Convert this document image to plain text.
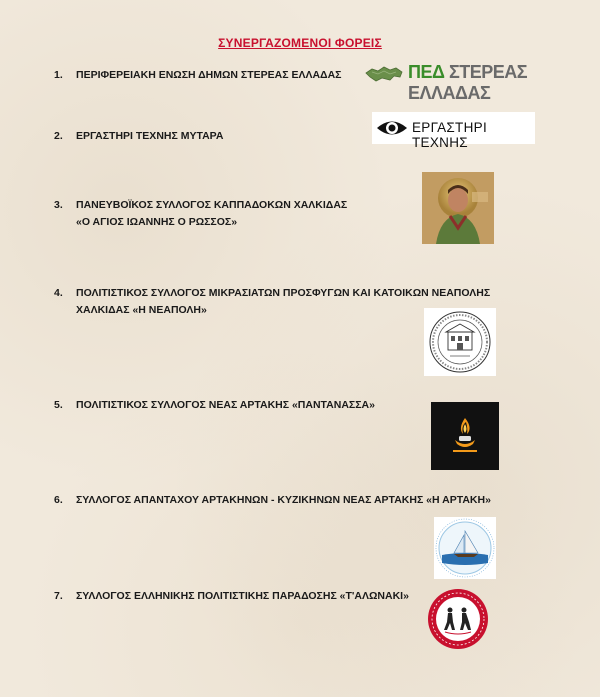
ΣΥΝΕΡΓΑΖΟΜΕΝΟΙ ΦΟΡΕΙΣ
1. ΠΕΡΙΦΕΡΕΙΑΚΗ ΕΝΩΣΗ ΔΗΜΩΝ ΣΤΕΡΕΑΣ ΕΛΛΑΔΑΣ
2. ΕΡΓΑΣΤΗΡΙ ΤΕΧΝΗΣ ΜΥΤΑΡΑ
3. ΠΑΝΕΥΒΟΪΚΟΣ ΣΥΛΛΟΓΟΣ ΚΑΠΠΑΔΟΚΩΝ ΧΑΛΚΙΔΑΣ
«Ο ΑΓΙΟΣ ΙΩΑΝΝΗΣ Ο ΡΩΣΣΟΣ»
4. ΠΟΛΙΤΙΣΤΙΚΟΣ ΣΥΛΛΟΓΟΣ ΜΙΚΡΑΣΙΑΤΩΝ ΠΡΟΣΦΥΓΩΝ ΚΑΙ ΚΑΤΟΙΚΩΝ ΝΕΑΠΟΛΗΣ
ΧΑΛΚΙΔΑΣ «Η ΝΕΑΠΟΛΗ»
5. ΠΟΛΙΤΙΣΤΙΚΟΣ ΣΥΛΛΟΓΟΣ ΝΕΑΣ ΑΡΤΑΚΗΣ «ΠΑΝΤΑΝΑΣΣΑ»
6. ΣΥΛΛΟΓΟΣ ΑΠΑΝΤΑΧΟΥ ΑΡΤΑΚΗΝΩΝ - ΚΥΖΙΚΗΝΩΝ ΝΕΑΣ ΑΡΤΑΚΗΣ «Η ΑΡΤΑΚΗ»
7. ΣΥΛΛΟΓΟΣ ΕΛΛΗΝΙΚΗΣ ΠΟΛΙΤΙΣΤΙΚΗΣ ΠΑΡΑΔΟΣΗΣ «Τ'ΑΛΩΝΑΚΙ»
ΠΕΔ ΣΤΕΡΕΑΣ ΕΛΛΑΔΑΣ
ΕΡΓΑΣΤΗΡΙ ΤΕΧΝΗΣ
